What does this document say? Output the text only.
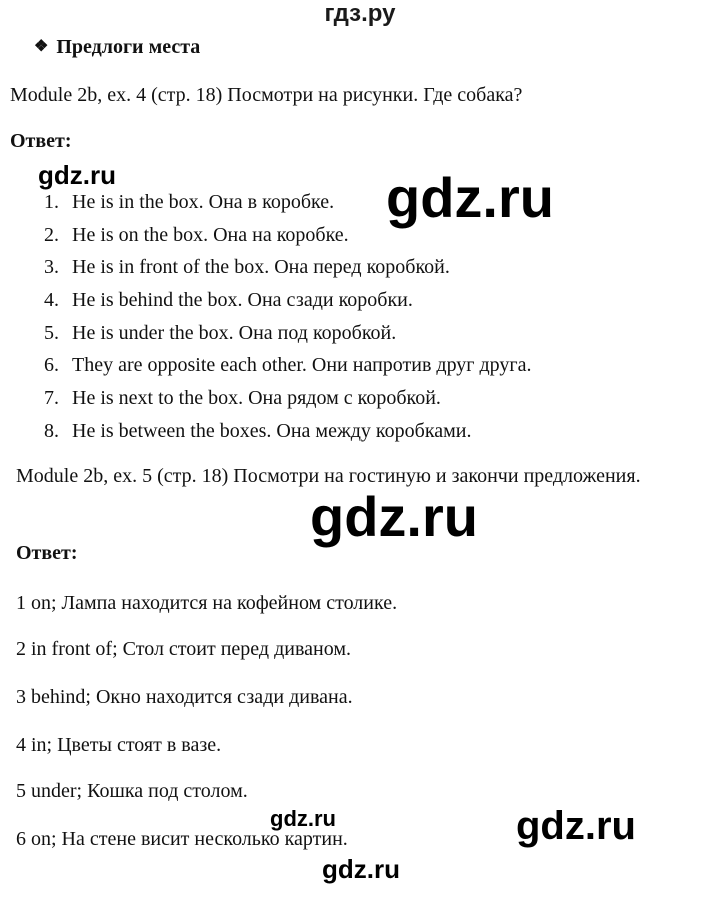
гдз.ру
❖ Предлоги места
Module 2b, ex. 4 (стр. 18) Посмотри на рисунки. Где собака?
Ответ:
1. He is in the box. Она в коробке.
2. He is on the box. Она на коробке.
3. He is in front of the box. Она перед коробкой.
4. He is behind the box. Она сзади коробки.
5. He is under the box. Она под коробкой.
6. They are opposite each other. Они напротив друг друга.
7. He is next to the box. Она рядом с коробкой.
8. He is between the boxes. Она между коробками.
Module 2b, ex. 5 (стр. 18) Посмотри на гостиную и закончи предложения.
Ответ:
1 on; Лампа находится на кофейном столике.
2 in front of; Стол стоит перед диваном.
3 behind; Окно находится сзади дивана.
4 in; Цветы стоят в вазе.
5 under; Кошка под столом.
6 on; На стене висит несколько картин.
gdz.ru	gdz.ru
gdz.ru
gdz.ru	gdz.ru
gdz.ru
